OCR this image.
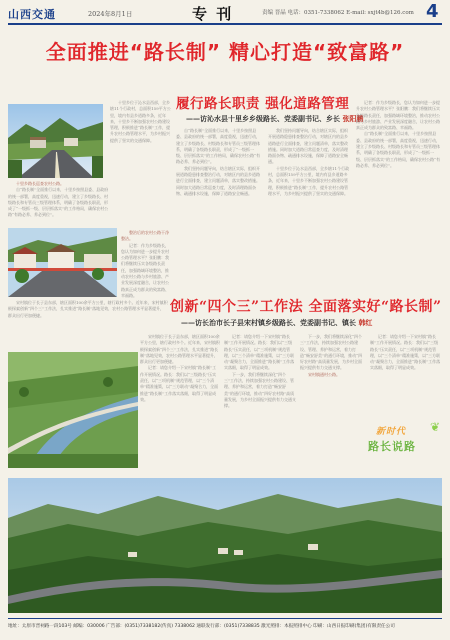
山西交通	2024年8月1日	专 刊	责编 晋晶 电话：0351-7338062 E-mail: sxjt4b@126.com 4
全面推进“路长制” 精心打造“致富路”
履行路长职责 强化道路管理
——访沁水县十里乡乡级路长、党委副书记、乡长 张阳鹏

十里乡位于沁水县西部，全乡辖11个行政村，总面积159平方公里，境内有县乡道路多条，近年来，十里乡不断加强农村公路建设管理，积极推进“路长制”工作，提升农村公路管理水平，为乡村振兴提供了坚实的交通保障。

十里乡路长巡查农村公路。

自“路长制”全面推行以来，十里乡按照县委、县政府的统一部署，高度重视，迅速行动，建立了乡级路长、村级路长和专管员三级管理体系，明确了各级路长职责，形成了“一级抓一级、层层抓落实”的工作格局，确保农村公路“有路必养、养必到位”。

自“路长制”全面推行以来，十里乡按照县委、县政府的统一部署，高度重视，迅速行动，建立了乡级路长、村级路长和专管员三级管理体系，明确了各级路长职责，形成了“一级抓一级、层层抓落实”的工作格局，确保农村公路“有路必养、养必到位”。

我们坚持问题导向，结合辖区实际，组织开展道路隐患排查整治行动，对辖区内的县乡道路进行全面排查，建立问题清单，落实整改措施。同时加大道路日常巡查力度，及时清理路面杂物、疏通排水设施，保障了道路安全畅通。

我们坚持问题导向，结合辖区实际，组织开展道路隐患排查整治行动，对辖区内的县乡道路进行全面排查，建立问题清单，落实整改措施。同时加大道路日常巡查力度，及时清理路面杂物、疏通排水设施，保障了道路安全畅通。

十里乡位于沁水县西部，全乡辖11个行政村，总面积159平方公里，境内有县乡道路多条，近年来，十里乡不断加强农村公路建设管理，积极推进“路长制”工作，提升农村公路管理水平，为乡村振兴提供了坚实的交通保障。

记者：作为乡级路长，您认为如何进一步提升农村公路管理水平？张阳鹏：我们将继续压实各级路长责任，加强路域环境整治，推动农村公路与乡村旅游、产业发展深度融合，让农村公路真正成为群众的致富路、幸福路。

自“路长制”全面推行以来，十里乡按照县委、县政府的统一部署，高度重视，迅速行动，建立了乡级路长、村级路长和专管员三级管理体系，明确了各级路长职责，形成了“一级抓一级、层层抓落实”的工作格局，确保农村公路“有路必养、养必到位”。

整治后的农村公路干净整洁。

记者：作为乡级路长，您认为如何进一步提升农村公路管理水平？张阳鹏：我们将继续压实各级路长责任，加强路域环境整治，推动农村公路与乡村旅游、产业发展深度融合，让农村公路真正成为群众的致富路、幸福路。

创新“四个三”工作法 全面落实好“路长制”
——访长治市长子县宋村镇乡级路长、党委副书记、镇长 韩红

宋村镇位于长子县东部，辖区面积100余平方公里，辖行政村多个。近年来，宋村镇积极探索创新“四个三”工作法，扎实推进“路长制”落地见效，农村公路管理水平显著提升，群众出行更加便捷。

宋村镇位于长子县东部，辖区面积100余平方公里，辖行政村多个。近年来，宋村镇积极探索创新“四个三”工作法，扎实推进“路长制”落地见效，农村公路管理水平显著提升，群众出行更加便捷。

记者：请您介绍一下宋村镇“路长制”工作开展情况。路长：我们以“三级路长”压实责任，以“三项机制”规范管理，以“三个清单”精准施策，以“三方联动”凝聚合力，全面推进“路长制”工作落实落细，取得了明显成效。

记者：请您介绍一下宋村镇“路长制”工作开展情况。路长：我们以“三级路长”压实责任，以“三项机制”规范管理，以“三个清单”精准施策，以“三方联动”凝聚合力，全面推进“路长制”工作落实落细，取得了明显成效。

下一步，我们将继续深化“四个三”工作法，持续加强农村公路建设、管理、养护和运营，着力打造“畅安舒美”的通行环境，推动“四好农村路”高质量发展，为乡村全面振兴提供有力交通支撑。

下一步，我们将继续深化“四个三”工作法，持续加强农村公路建设、管理、养护和运营，着力打造“畅安舒美”的通行环境，推动“四好农村路”高质量发展，为乡村全面振兴提供有力交通支撑。

宋村镇通村公路。

记者：请您介绍一下宋村镇“路长制”工作开展情况。路长：我们以“三级路长”压实责任，以“三项机制”规范管理，以“三个清单”精准施策，以“三方联动”凝聚合力，全面推进“路长制”工作落实落细，取得了明显成效。

新时代
路长说路
❦
地址：太原市晋祠路一段103号 邮编：030006 广告部：(0351)7338182(传真) 7338062 通联发行部：(0351)7338835 激光照排：本报照排中心 印刷：山西日报印刷(集团)有限责任公司
